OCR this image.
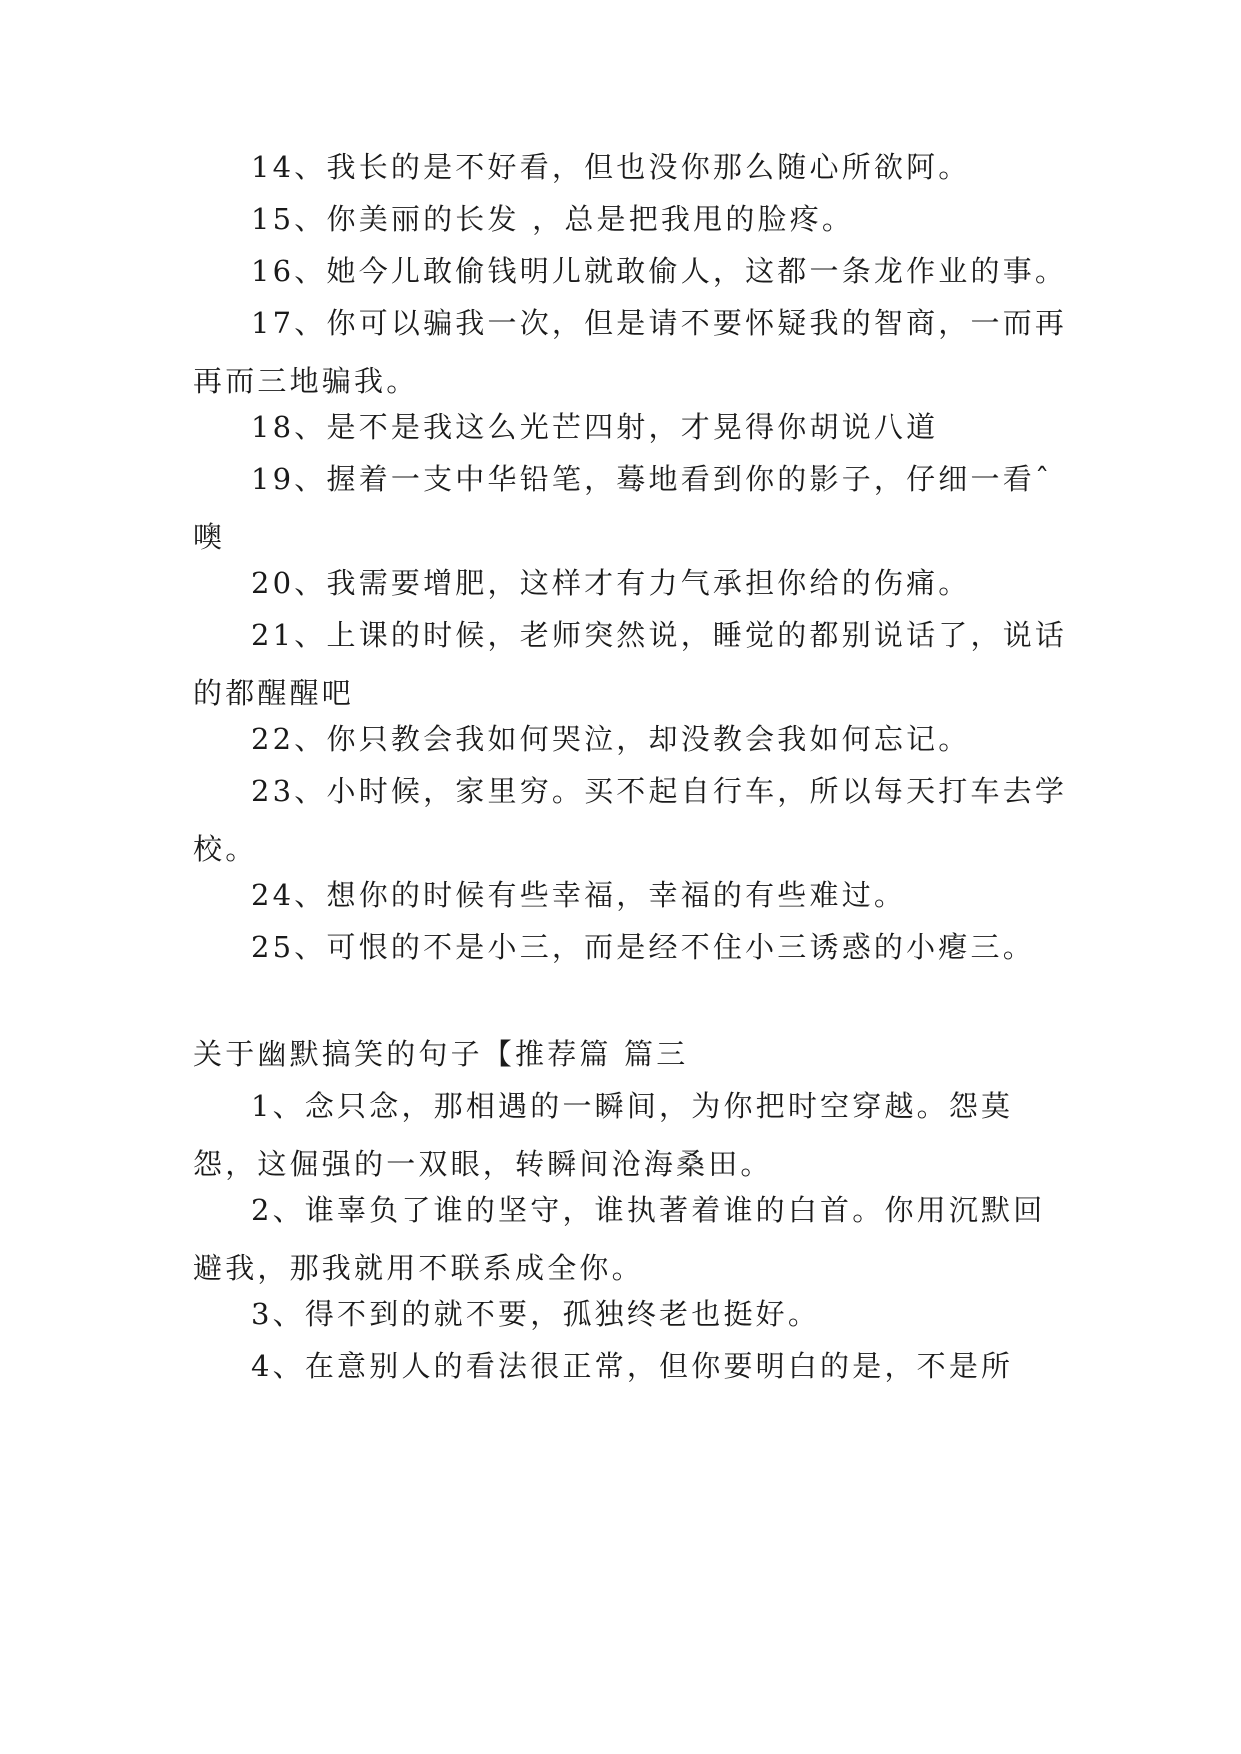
14、我长的是不好看，但也没你那么随心所欲阿。

15、你美丽的长发 ，总是把我甩的脸疼。

16、她今儿敢偷钱明儿就敢偷人，这都一条龙作业的事。

17、你可以骗我一次，但是请不要怀疑我的智商，一而再再而三地骗我。

18、是不是我这么光芒四射，才晃得你胡说八道

19、握着一支中华铅笔，蓦地看到你的影子，仔细一看ˆ噢

20、我需要增肥，这样才有力气承担你给的伤痛。

21、上课的时候，老师突然说，睡觉的都别说话了，说话的都醒醒吧

22、你只教会我如何哭泣，却没教会我如何忘记。

23、小时候，家里穷。买不起自行车，所以每天打车去学校。

24、想你的时候有些幸福，幸福的有些难过。

25、可恨的不是小三，而是经不住小三诱惑的小瘪三。

关于幽默搞笑的句子【推荐篇 篇三

1、念只念，那相遇的一瞬间，为你把时空穿越。怨莫怨，这倔强的一双眼，转瞬间沧海桑田。

2、谁辜负了谁的坚守，谁执著着谁的白首。你用沉默回避我，那我就用不联系成全你。

3、得不到的就不要，孤独终老也挺好。

4、在意别人的看法很正常，但你要明白的是，不是所
